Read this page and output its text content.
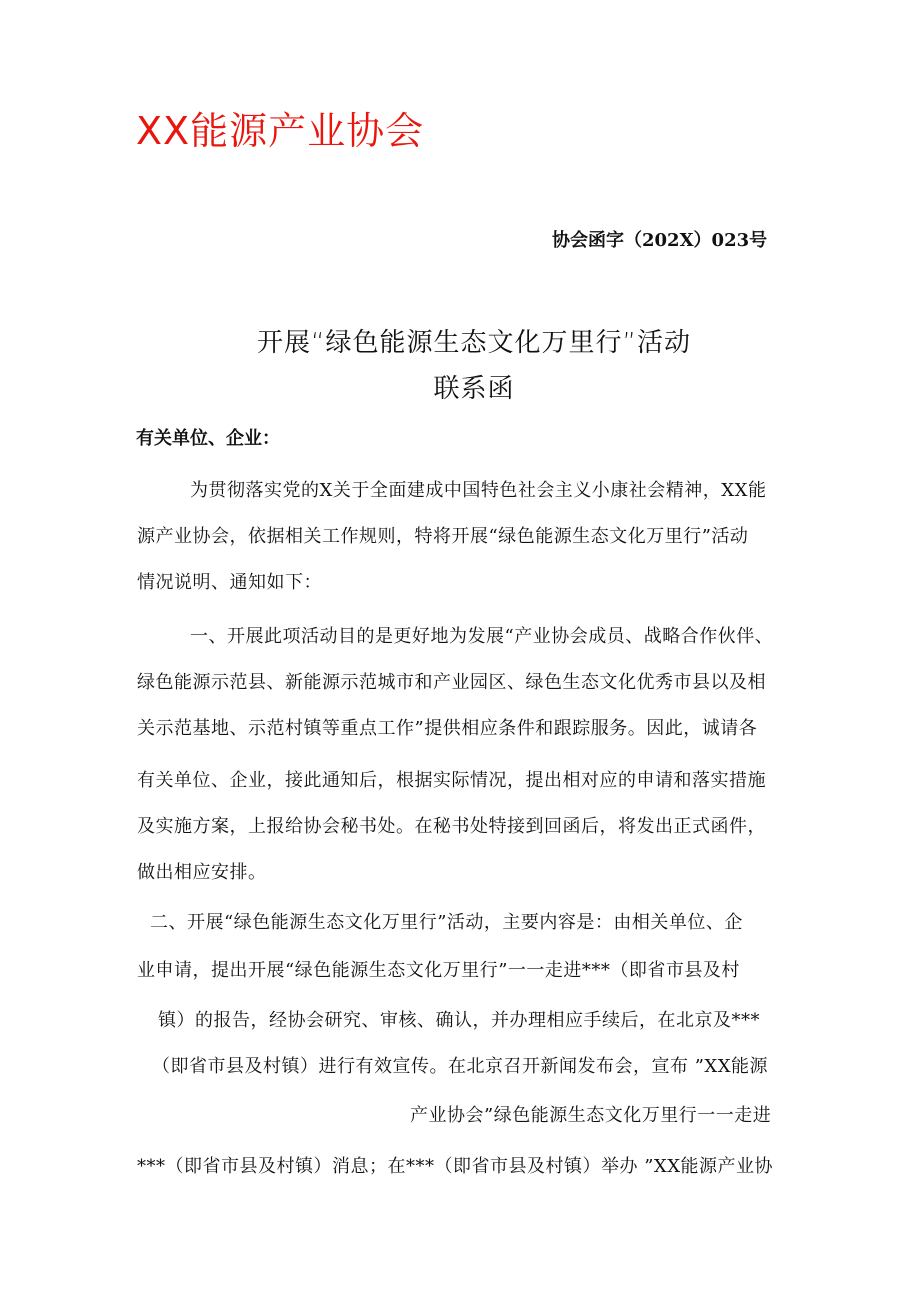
XX能源产业协会
协会函字（202X）023号
开展“绿色能源生态文化万里行”活动
联系函
有关单位、企业：
为贯彻落实党的X关于全面建成中国特色社会主义小康社会精神，XX能
源产业协会，依据相关工作规则，特将开展“绿色能源生态文化万里行”活动
情况说明、通知如下：
一、开展此项活动目的是更好地为发展“产业协会成员、战略合作伙伴、
绿色能源示范县、新能源示范城市和产业园区、绿色生态文化优秀市县以及相
关示范基地、示范村镇等重点工作”提供相应条件和跟踪服务。因此，诚请各
有关单位、企业，接此通知后，根据实际情况，提出相对应的申请和落实措施
及实施方案，上报给协会秘书处。在秘书处特接到回函后，将发出正式函件，
做出相应安排。
二、开展“绿色能源生态文化万里行”活动，主要内容是：由相关单位、企
业申请，提出开展“绿色能源生态文化万里行”一一走进***（即省市县及村
镇）的报告，经协会研究、审核、确认，并办理相应手续后，在北京及***
（即省市县及村镇）进行有效宣传。在北京召开新闻发布会，宣布 ”XX能源
产业协会”绿色能源生态文化万里行一一走进
***（即省市县及村镇）消息；在***（即省市县及村镇）举办 ”XX能源产业协
